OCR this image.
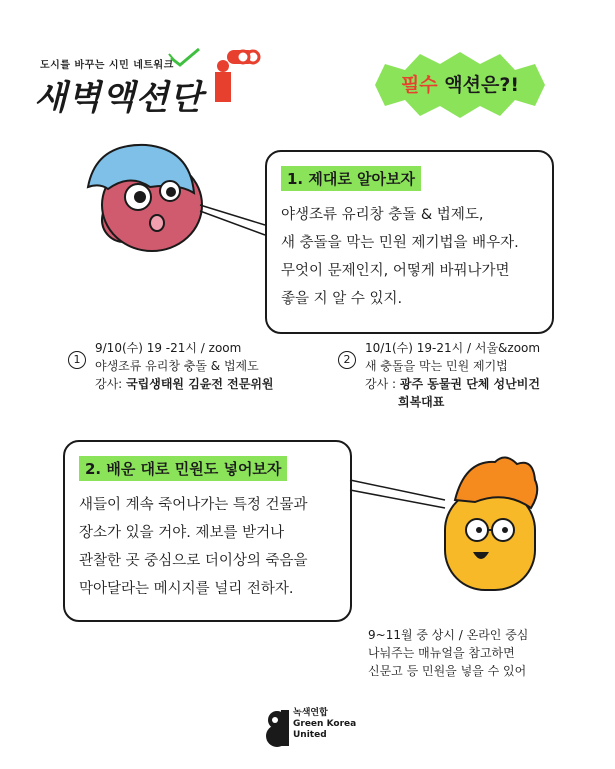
도시를 바꾸는 시민 네트워크
새벽액션단	필수 액션은?!
1. 제대로 알아보자
야생조류 유리창 충돌 & 법제도,
새 충돌을 막는 민원 제기법을 배우자.
무엇이 문제인지, 어떻게 바꿔나가면
좋을 지 알 수 있지.
1
9/10(수) 19 -21시 / zoom
야생조류 유리창 충돌 & 법제도
강사: 국립생태원 김윤전 전문위원
2
10/1(수) 19-21시 / 서울&zoom
새 충돌을 막는 민원 제기법
강사 : 광주 동물권 단체 성난비건
희복대표
2. 배운 대로 민원도 넣어보자
새들이 계속 죽어나가는 특정 건물과
장소가 있을 거야. 제보를 받거나
관찰한 곳 중심으로 더이상의 죽음을
막아달라는 메시지를 널리 전하자.
9~11월 중 상시 / 온라인 중심
나눠주는 매뉴얼을 참고하면
신문고 등 민원을 넣을 수 있어
녹색연합
Green Korea
United
